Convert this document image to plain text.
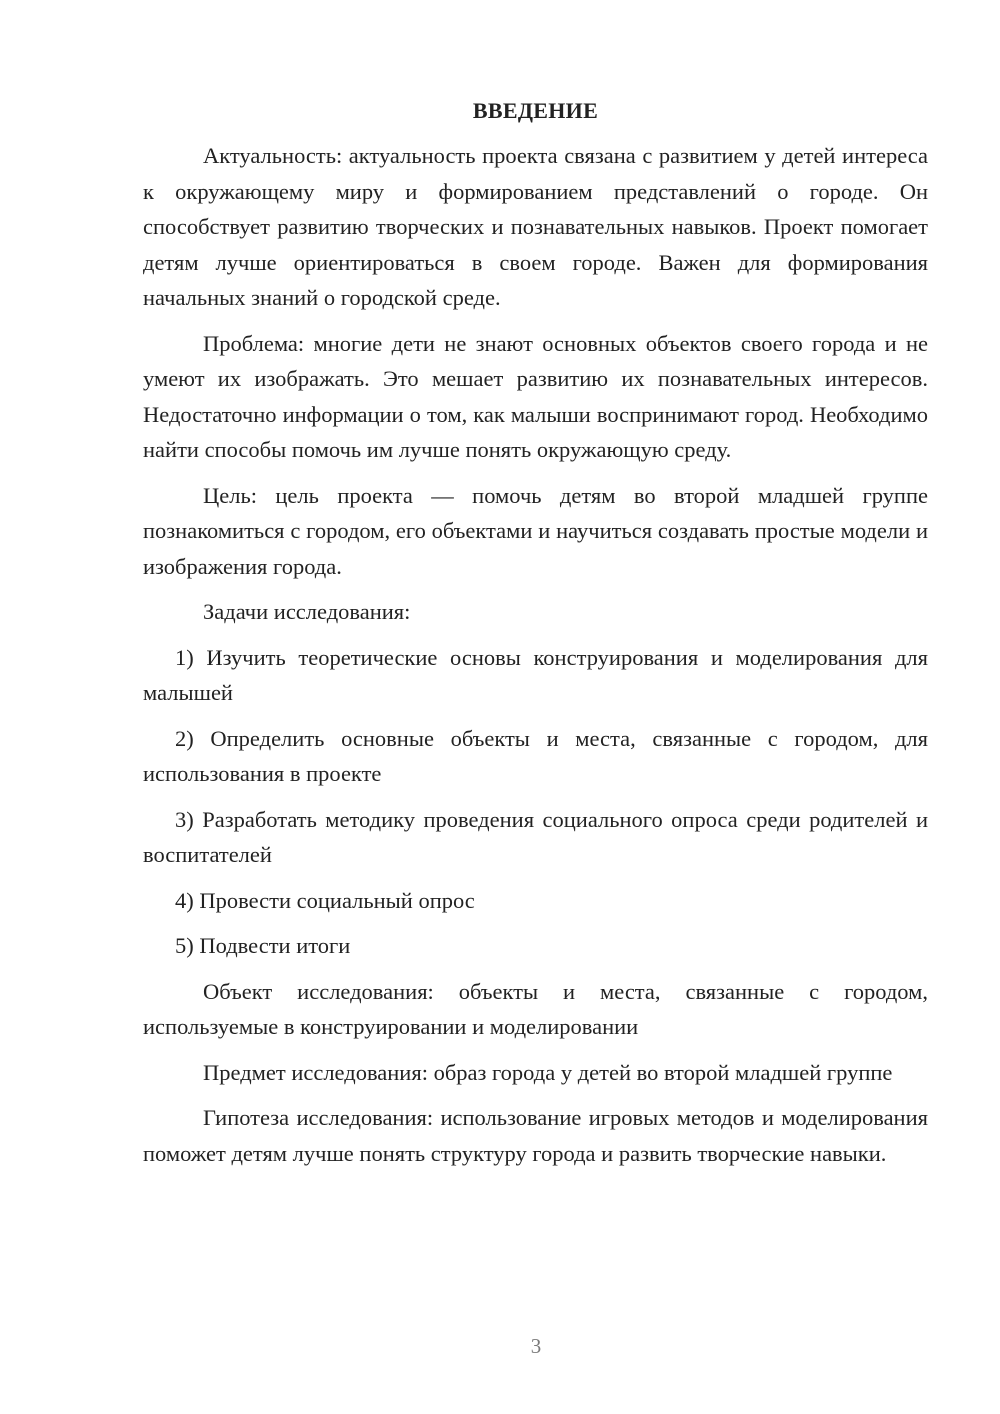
ВВЕДЕНИЕ

Актуальность: актуальность проекта связана с развитием у детей интереса к окружающему миру и формированием представлений о городе. Он способствует развитию творческих и познавательных навыков. Проект помогает детям лучше ориентироваться в своем городе. Важен для формирования начальных знаний о городской среде.

Проблема: многие дети не знают основных объектов своего города и не умеют их изображать. Это мешает развитию их познавательных интересов. Недостаточно информации о том, как малыши воспринимают город. Необходимо найти способы помочь им лучше понять окружающую среду.

Цель: цель проекта — помочь детям во второй младшей группе познакомиться с городом, его объектами и научиться создавать простые модели и изображения города.

Задачи исследования:

1) Изучить теоретические основы конструирования и моделирования для малышей

2) Определить основные объекты и места, связанные с городом, для использования в проекте

3) Разработать методику проведения социального опроса среди родителей и воспитателей

4) Провести социальный опрос

5) Подвести итоги

Объект исследования: объекты и места, связанные с городом, используемые в конструировании и моделировании

Предмет исследования: образ города у детей во второй младшей группе

Гипотеза исследования: использование игровых методов и моделирования поможет детям лучше понять структуру города и развить творческие навыки.

3
